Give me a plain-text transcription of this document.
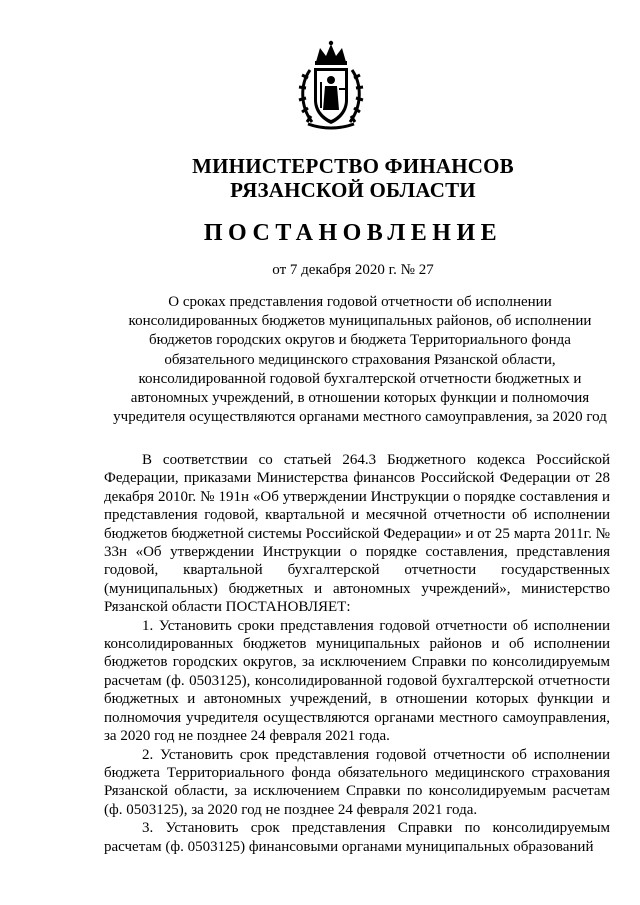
МИНИСТЕРСТВО ФИНАНСОВ
РЯЗАНСКОЙ ОБЛАСТИ
ПОСТАНОВЛЕНИЕ
от 7 декабря 2020 г. № 27
О сроках представления годовой отчетности об исполнении консолидированных бюджетов муниципальных районов, об исполнении бюджетов городских округов и бюджета Территориального фонда обязательного медицинского страхования Рязанской области, консолидированной годовой бухгалтерской отчетности бюджетных и автономных учреждений, в отношении которых функции и полномочия учредителя осуществляются органами местного самоуправления, за 2020 год

В соответствии со статьей 264.3 Бюджетного кодекса Российской Федерации, приказами Министерства финансов Российской Федерации от 28 декабря 2010г. № 191н «Об утверждении Инструкции о порядке составления и представления годовой, квартальной и месячной отчетности об исполнении бюджетов бюджетной системы Российской Федерации» и от 25 марта 2011г. № 33н «Об утверждении Инструкции о порядке составления, представления годовой, квартальной бухгалтерской отчетности государственных (муниципальных) бюджетных и автономных учреждений», министерство Рязанской области ПОСТАНОВЛЯЕТ:

1. Установить сроки представления годовой отчетности об исполнении консолидированных бюджетов муниципальных районов и об исполнении бюджетов городских округов, за исключением Справки по консолидируемым расчетам (ф. 0503125), консолидированной годовой бухгалтерской отчетности бюджетных и автономных учреждений, в отношении которых функции и полномочия учредителя осуществляются органами местного самоуправления, за 2020 год не позднее 24 февраля 2021 года.

2. Установить срок представления годовой отчетности об исполнении бюджета Территориального фонда обязательного медицинского страхования Рязанской области, за исключением Справки по консолидируемым расчетам (ф. 0503125), за 2020 год не позднее 24 февраля 2021 года.

3. Установить срок представления Справки по консолидируемым расчетам (ф. 0503125) финансовыми органами муниципальных образований
